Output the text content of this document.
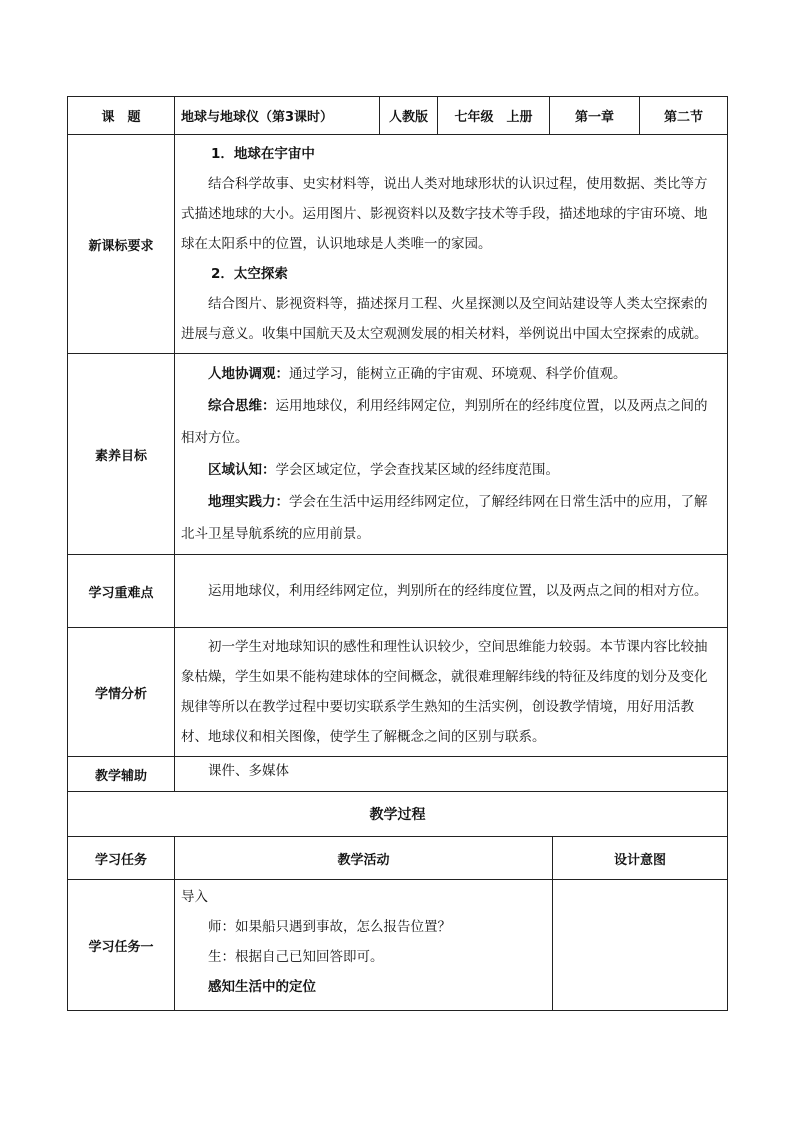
课　题	地球与地球仪（第3课时）	人教版	七年级　上册	第一章	第二节
新课标要求	1．地球在宇宙中

结合科学故事、史实材料等，说出人类对地球形状的认识过程，使用数据、类比等方式描述地球的大小。运用图片、影视资料以及数字技术等手段，描述地球的宇宙环境、地球在太阳系中的位置，认识地球是人类唯一的家园。

2．太空探索

结合图片、影视资料等，描述探月工程、火星探测以及空间站建设等人类太空探索的进展与意义。收集中国航天及太空观测发展的相关材料，举例说出中国太空探索的成就。				

素养目标	人地协调观：通过学习，能树立正确的宇宙观、环境观、科学价值观。

综合思维：运用地球仪，利用经纬网定位，判别所在的经纬度位置，以及两点之间的相对方位。

区域认知：学会区域定位，学会查找某区域的经纬度范围。

地理实践力：学会在生活中运用经纬网定位，了解经纬网在日常生活中的应用，了解北斗卫星导航系统的应用前景。				

学习重难点	运用地球仪，利用经纬网定位，判别所在的经纬度位置，以及两点之间的相对方位。				

学情分析	初一学生对地球知识的感性和理性认识较少，空间思维能力较弱。本节课内容比较抽象枯燥，学生如果不能构建球体的空间概念，就很难理解纬线的特征及纬度的划分及变化规律等所以在教学过程中要切实联系学生熟知的生活实例，创设教学情境，用好用活教材、地球仪和相关图像，使学生了解概念之间的区别与联系。				

教学辅助	课件、多媒体				

教学过程					
学习任务	教学活动	设计意图
学习任务一	导入

师：如果船只遇到事故，怎么报告位置？

生：根据自己已知回答即可。

感知生活中的定位	
